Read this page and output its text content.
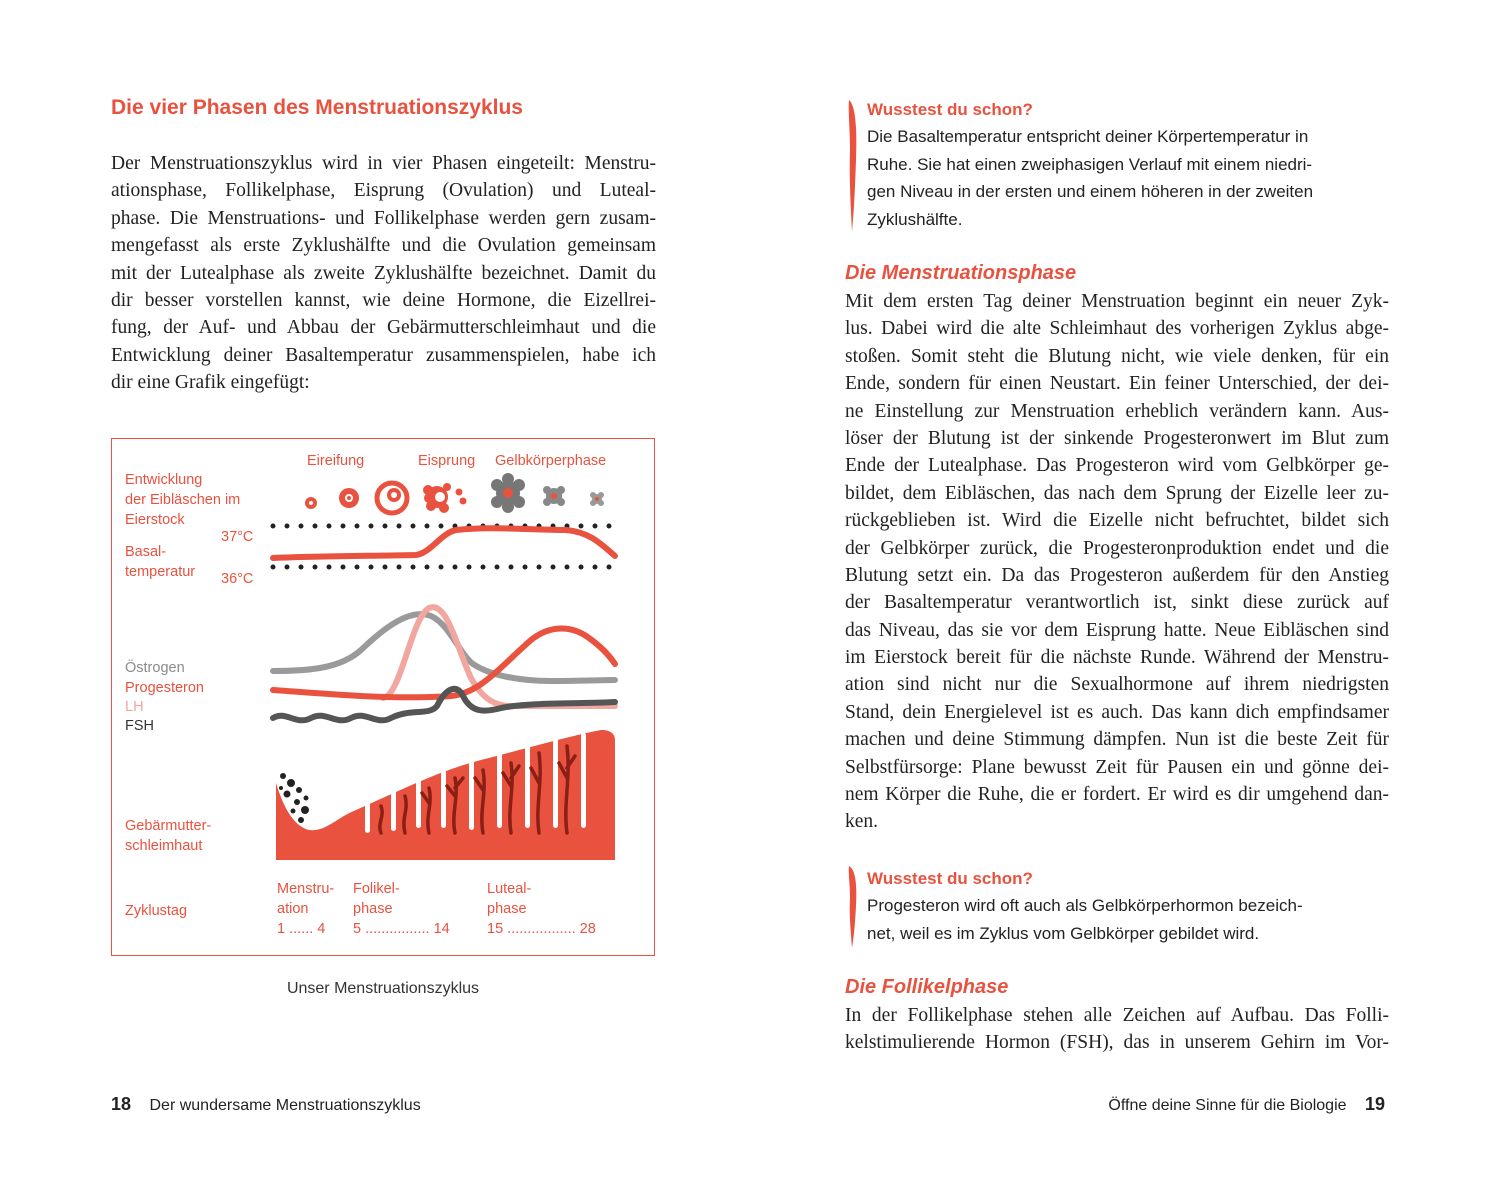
Die vier Phasen des Menstruationszyklus
Der Menstruationszyklus wird in vier Phasen eingeteilt: Menstru-
ationsphase, Follikelphase, Eisprung (Ovulation) und Luteal-
phase. Die Menstruations- und Follikelphase werden gern zusam-
mengefasst als erste Zyklushälfte und die Ovulation gemeinsam
mit der Lutealphase als zweite Zyklushälfte bezeichnet. Damit du
dir besser vorstellen kannst, wie deine Hormone, die Eizellrei-
fung, der Auf- und Abbau der Gebärmutterschleimhaut und die
Entwicklung deiner Basaltemperatur zusammenspielen, habe ich
dir eine Grafik eingefügt:
Eireifung	Eisprung Gelbkörperphase
Entwicklung
der Eibläschen im
Eierstock
37°C
Basal-
temperatur 36°C
Östrogen
Progesteron
LH
FSH
Gebärmutter-
schleimhaut
Zyklustag
Menstru-
ation
1 ...... 4
Folikel-
phase
5 ................ 14
Luteal-
phase
15 ................. 28
Unser Menstruationszyklus
18 Der wundersame Menstruationszyklus
Wusstest du schon?
Die Basaltemperatur entspricht deiner Körpertemperatur in
Ruhe. Sie hat einen zweiphasigen Verlauf mit einem niedri-
gen Niveau in der ersten und einem höheren in der zweiten
Zyklushälfte.
Die Menstruationsphase
Mit dem ersten Tag deiner Menstruation beginnt ein neuer Zyk-
lus. Dabei wird die alte Schleimhaut des vorherigen Zyklus abge-
stoßen. Somit steht die Blutung nicht, wie viele denken, für ein
Ende, sondern für einen Neustart. Ein feiner Unterschied, der dei-
ne Einstellung zur Menstruation erheblich verändern kann. Aus-
löser der Blutung ist der sinkende Progesteronwert im Blut zum
Ende der Lutealphase. Das Progesteron wird vom Gelbkörper ge-
bildet, dem Eibläschen, das nach dem Sprung der Eizelle leer zu-
rückgeblieben ist. Wird die Eizelle nicht befruchtet, bildet sich
der Gelbkörper zurück, die Progesteronproduktion endet und die
Blutung setzt ein. Da das Progesteron außerdem für den Anstieg
der Basaltemperatur verantwortlich ist, sinkt diese zurück auf
das Niveau, das sie vor dem Eisprung hatte. Neue Eibläschen sind
im Eierstock bereit für die nächste Runde. Während der Menstru-
ation sind nicht nur die Sexualhormone auf ihrem niedrigsten
Stand, dein Energielevel ist es auch. Das kann dich empfindsamer
machen und deine Stimmung dämpfen. Nun ist die beste Zeit für
Selbstfürsorge: Plane bewusst Zeit für Pausen ein und gönne dei-
nem Körper die Ruhe, die er fordert. Er wird es dir umgehend dan-
ken.
Wusstest du schon?
Progesteron wird oft auch als Gelbkörperhormon bezeich-
net, weil es im Zyklus vom Gelbkörper gebildet wird.
Die Follikelphase
In der Follikelphase stehen alle Zeichen auf Aufbau. Das Folli-
kelstimulierende Hormon (FSH), das in unserem Gehirn im Vor-
Öffne deine Sinne für die Biologie 19
